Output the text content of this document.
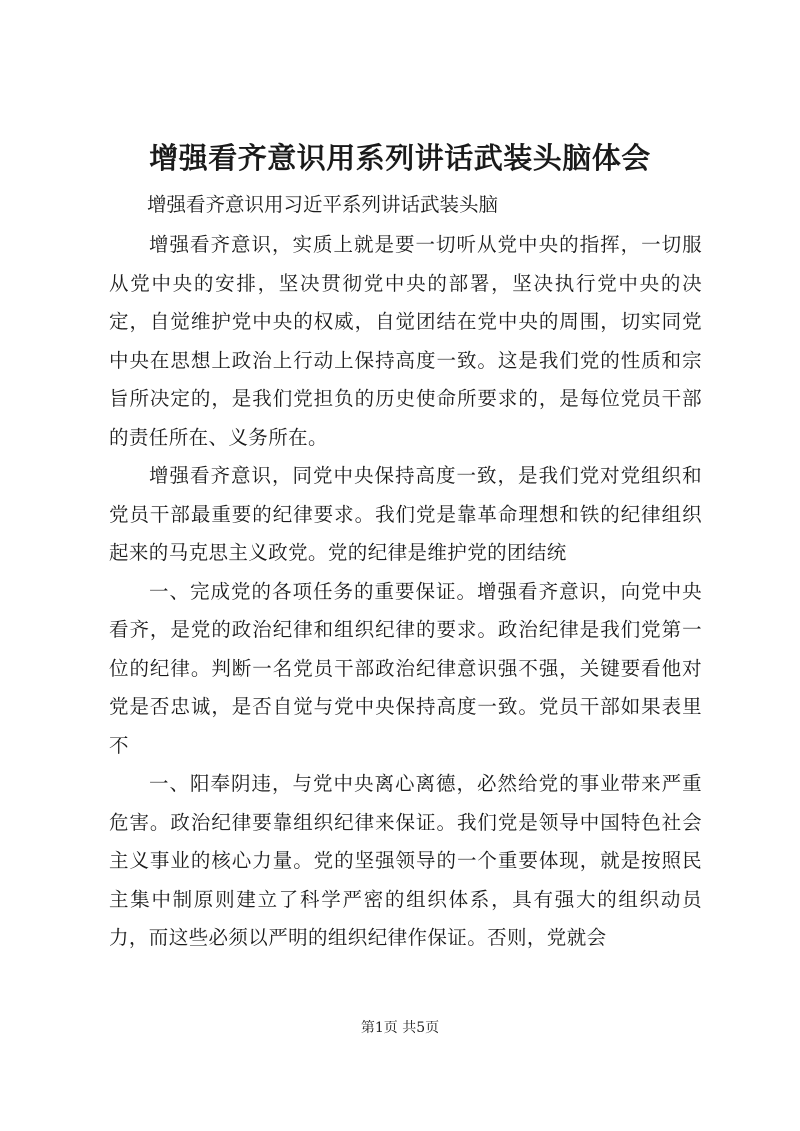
增强看齐意识用系列讲话武装头脑体会

增强看齐意识用习近平系列讲话武装头脑

增强看齐意识，实质上就是要一切听从党中央的指挥，一切服从党中央的安排，坚决贯彻党中央的部署，坚决执行党中央的决定，自觉维护党中央的权威，自觉团结在党中央的周围，切实同党中央在思想上政治上行动上保持高度一致。这是我们党的性质和宗旨所决定的，是我们党担负的历史使命所要求的，是每位党员干部的责任所在、义务所在。

增强看齐意识，同党中央保持高度一致，是我们党对党组织和党员干部最重要的纪律要求。我们党是靠革命理想和铁的纪律组织起来的马克思主义政党。党的纪律是维护党的团结统

一、完成党的各项任务的重要保证。增强看齐意识，向党中央看齐，是党的政治纪律和组织纪律的要求。政治纪律是我们党第一位的纪律。判断一名党员干部政治纪律意识强不强，关键要看他对党是否忠诚，是否自觉与党中央保持高度一致。党员干部如果表里不

一、阳奉阴违，与党中央离心离德，必然给党的事业带来严重危害。政治纪律要靠组织纪律来保证。我们党是领导中国特色社会主义事业的核心力量。党的坚强领导的一个重要体现，就是按照民主集中制原则建立了科学严密的组织体系，具有强大的组织动员力，而这些必须以严明的组织纪律作保证。否则，党就会

第1页 共5页
